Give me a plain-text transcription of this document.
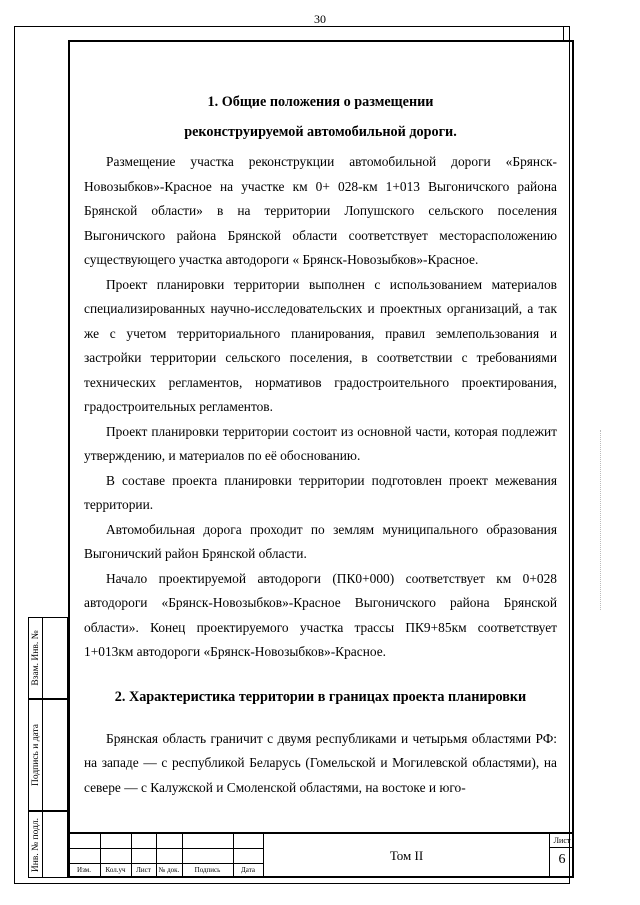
30

1. Общие положения о размещении

реконструируемой автомобильной дороги.

Размещение участка реконструкции автомобильной дороги «Брянск-Новозыбков»-Красное на участке км 0+ 028-км 1+013 Выгоничского района Брянской области» в на территории Лопушского сельского поселения Выгоничского района Брянской области соответствует месторасположению существующего участка автодороги « Брянск-Новозыбков»-Красное.

Проект планировки территории выполнен с использованием материалов специализированных научно-исследовательских и проектных организаций, а так же с учетом территориального планирования, правил землепользования и застройки территории сельского поселения, в соответствии с требованиями технических регламентов, нормативов градостроительного проектирования, градостроительных регламентов.

Проект планировки территории состоит из основной части, которая подлежит утверждению, и материалов по её обоснованию.

В составе проекта планировки территории подготовлен проект межевания территории.

Автомобильная дорога проходит по землям муниципального образования Выгоничский район Брянской области.

Начало проектируемой автодороги (ПК0+000) соответствует км 0+028 автодороги «Брянск-Новозыбков»-Красное Выгоничского района Брянской области». Конец проектируемого участка трассы ПК9+85км соответствует 1+013км автодороги «Брянск-Новозыбков»-Красное.

2. Характеристика территории в границах проекта планировки

Брянская область граничит с двумя республиками и четырьмя областями РФ: на западе — с республикой Беларусь (Гомельской и Могилевской областями), на севере — с Калужской и Смоленской областями, на востоке и юго-

Взам. Инв. №
Подпись и дата
Инв. № подл.	Изм.	Кол.уч	Лист	№ док.	Подпись	Дата
Том II
Лист
6
